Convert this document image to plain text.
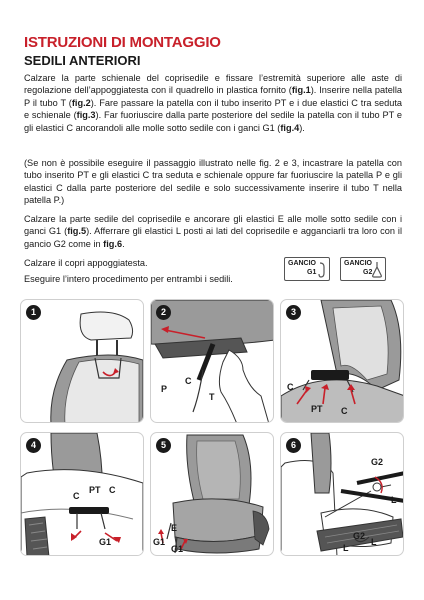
ISTRUZIONI DI MONTAGGIO
SEDILI ANTERIORI
Calzare la parte schienale del coprisedile e fissare l’estremità superiore alle aste di regolazione dell’appoggiatesta con il quadrello in plastica fornito (fig.1). Inserire nella patella P il tubo T (fig.2). Fare passare la patella con il tubo inserito PT e i due elastici C tra seduta e schienale (fig.3). Far fuoriuscire dalla parte posteriore del sedile la patella con il tubo PT e gli elastici C ancorandoli alle molle sotto sedile con i ganci G1 (fig.4).
(Se non è possibile eseguire il passaggio illustrato nelle fig. 2 e 3, incastrare la patella con tubo inserito PT e gli elastici C tra seduta e schienale oppure far fuoriuscire la patella P e gli elastici C dalla parte posteriore del sedile e solo successivamente inserire il tubo T nella patella P.)
Calzare la parte sedile del coprisedile e ancorare gli elastici E alle molle sotto sedile con i ganci G1 (fig.5). Afferrare gli elastici L posti ai lati del coprisedile e agganciarli tra loro con il gancio G2 come in fig.6.
Calzare il copri appoggiatesta.
Eseguire l’intero procedimento per entrambi i sedili.
GANCIO
G1
GANCIO
G2
1	2
P
C
T
3
C
PT C
4
C
PT C
G1
5
E
G1
G1
6
G2
L
G2
L
L
